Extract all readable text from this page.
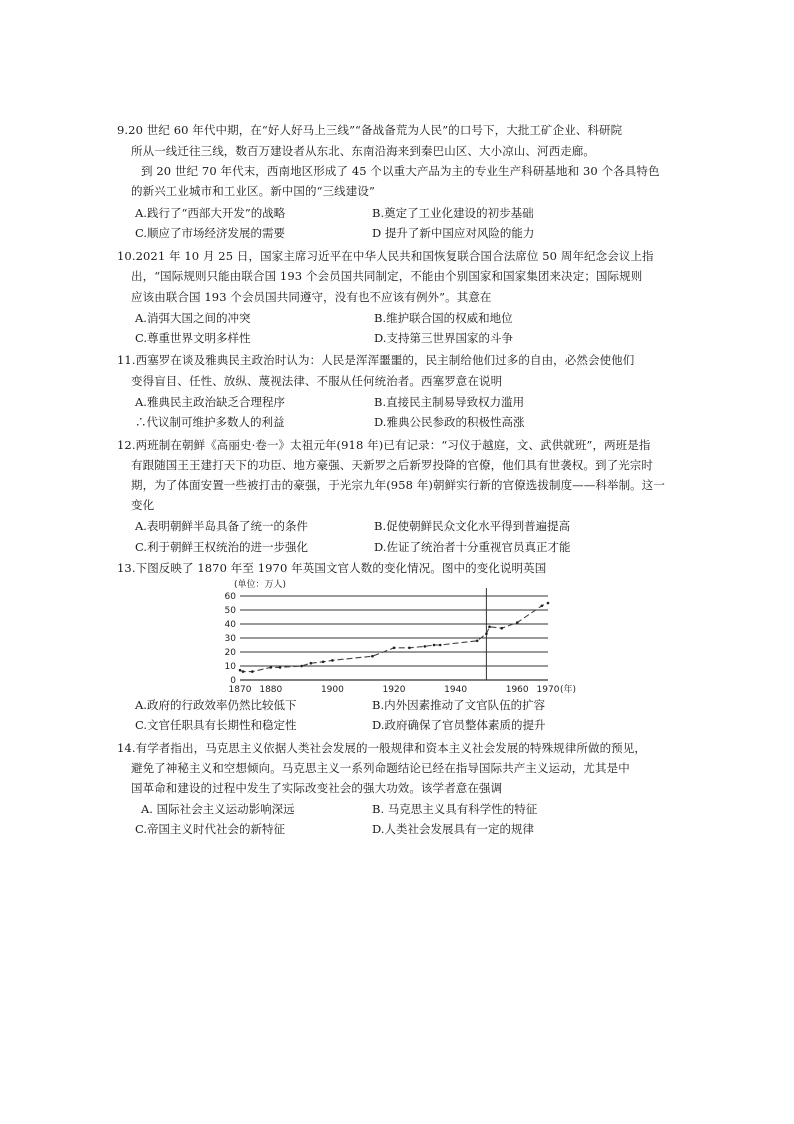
9.20 世纪 60 年代中期，在“好人好马上三线”“备战备荒为人民”的口号下，大批工矿企业、科研院
所从一线迁往三线，数百万建设者从东北、东南沿海来到秦巴山区、大小凉山、河西走廊。
到 20 世纪 70 年代末，西南地区形成了 45 个以重大产品为主的专业生产科研基地和 30 个各具特色
的新兴工业城市和工业区。新中国的“三线建设”
A.践行了“西部大开发”的战略	B.奠定了工业化建设的初步基础
C.顺应了市场经济发展的需要	D 提升了新中国应对风险的能力
10.2021 年 10 月 25 日，国家主席习近平在中华人民共和国恢复联合国合法席位 50 周年纪念会议上指
出，“国际规则只能由联合国 193 个会员国共同制定，不能由个别国家和国家集团来决定；国际规则
应该由联合国 193 个会员国共同遵守，没有也不应该有例外”。其意在
A.消弭大国之间的冲突	B.维护联合国的权威和地位
C.尊重世界文明多样性	D.支持第三世界国家的斗争
11.西塞罗在谈及雅典民主政治时认为：人民是浑浑噩噩的，民主制给他们过多的自由，必然会使他们
变得盲目、任性、放纵、蔑视法律、不服从任何统治者。西塞罗意在说明
A.雅典民主政治缺乏合理程序	B.直接民主制易导致权力滥用
∴代议制可维护多数人的利益	D.雅典公民参政的积极性高涨
12.两班制在朝鲜《高丽史·卷一》太祖元年(918 年)已有记录：“习仪于越庭，文、武供就班”，两班是指
有跟随国王王建打天下的功臣、地方豪强、天新罗之后新罗投降的官僚，他们具有世袭权。到了光宗时
期，为了体面安置一些被打击的豪强，于光宗九年(958 年)朝鲜实行新的官僚选拔制度——科举制。这一
变化
A.表明朝鲜半岛具备了统一的条件	B.促使朝鲜民众文化水平得到普遍提高
C.利于朝鲜王权统治的进一步强化	D.佐证了统治者十分重视官员真正才能
13.下图反映了 1870 年至 1970 年英国文官人数的变化情况。图中的变化说明英国
(单位：万人)
0
10
20
30
40
50
60
1870 1880	1900	1920	1940	1960 1970 (年)
A.政府的行政效率仍然比较低下	B.内外因素推动了文官队伍的扩容
C.文官任职具有长期性和稳定性	D.政府确保了官员整体素质的提升
14.有学者指出，马克思主义依据人类社会发展的一般规律和资本主义社会发展的特殊规律所做的预见，
避免了神秘主义和空想倾向。马克思主义一系列命题结论已经在指导国际共产主义运动，尤其是中
国革命和建设的过程中发生了实际改变社会的强大功效。该学者意在强调
A. 国际社会主义运动影响深远	B. 马克思主义具有科学性的特征
C.帝国主义时代社会的新特征	D.人类社会发展具有一定的规律
